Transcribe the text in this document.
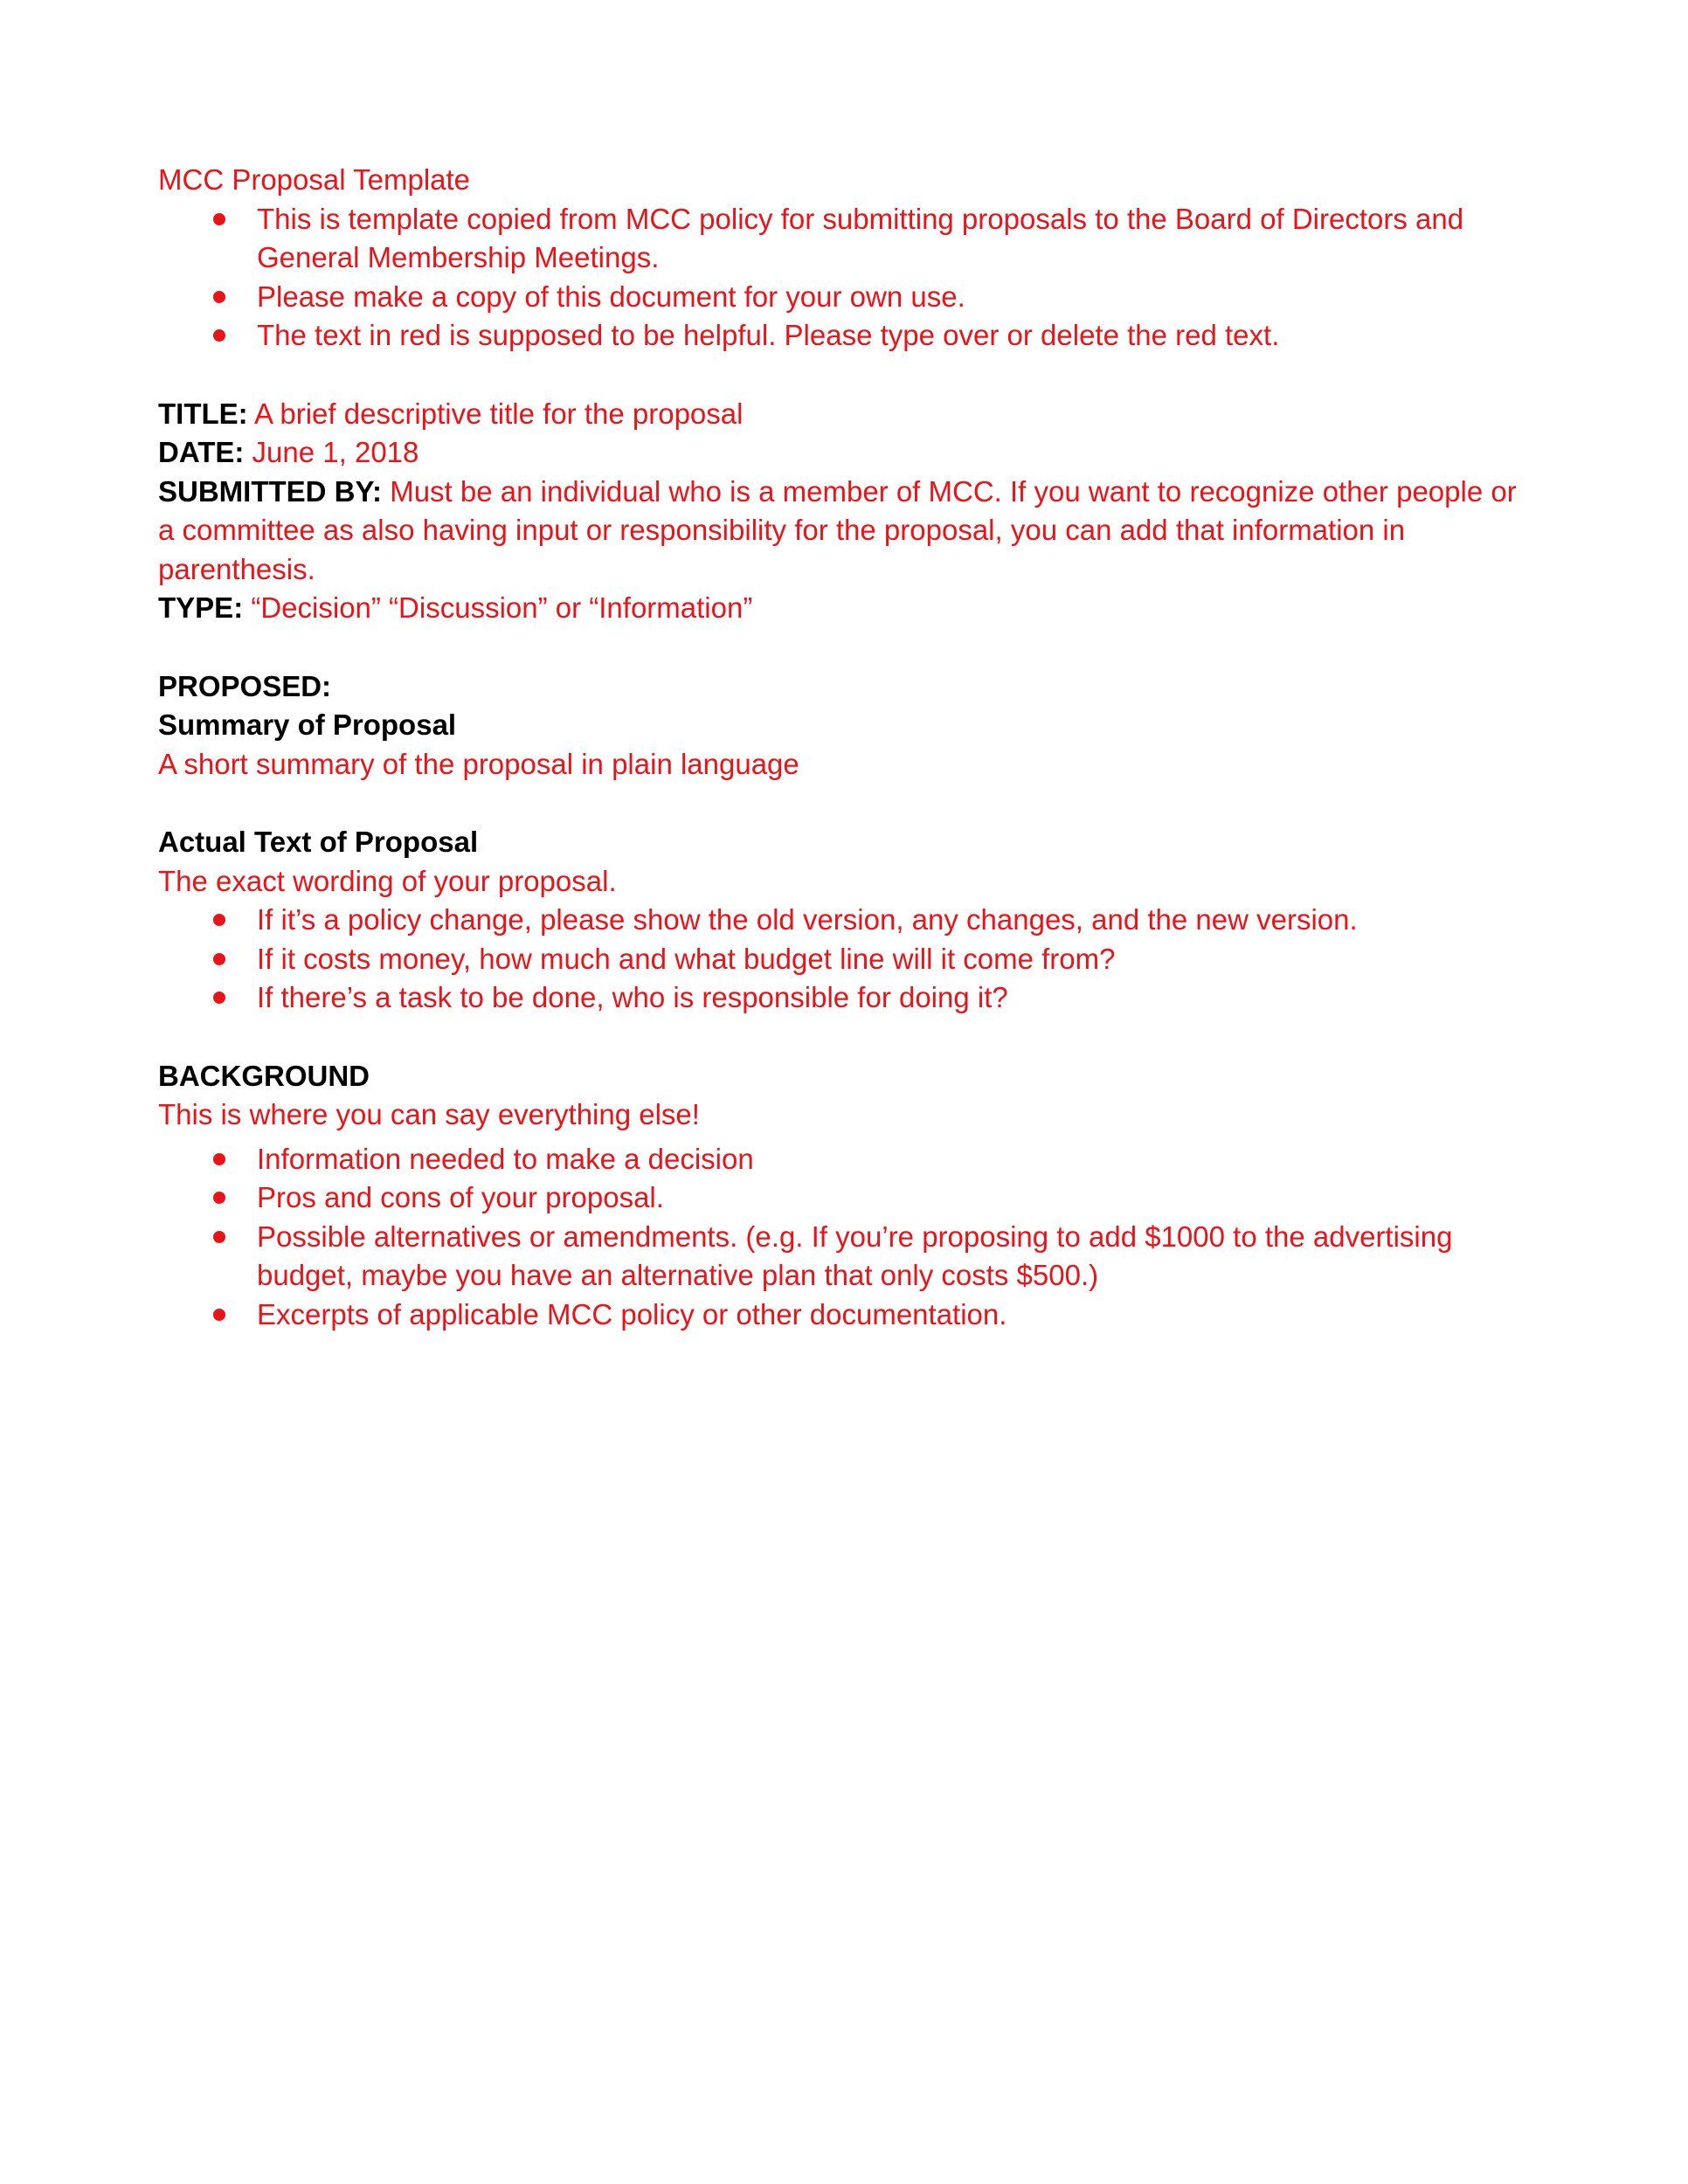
MCC Proposal Template

This is template copied from MCC policy for submitting proposals to the Board of Directors and General Membership Meetings.
Please make a copy of this document for your own use.
The text in red is supposed to be helpful. Please type over or delete the red text.

TITLE: A brief descriptive title for the proposal

DATE: June 1, 2018

SUBMITTED BY: Must be an individual who is a member of MCC. If you want to recognize other people or a committee as also having input or responsibility for the proposal, you can add that information in parenthesis.

TYPE: “Decision” “Discussion” or “Information”

PROPOSED:

Summary of Proposal

A short summary of the proposal in plain language

Actual Text of Proposal

The exact wording of your proposal.

If it’s a policy change, please show the old version, any changes, and the new version.
If it costs money, how much and what budget line will it come from?
If there’s a task to be done, who is responsible for doing it?

BACKGROUND

This is where you can say everything else!

Information needed to make a decision
Pros and cons of your proposal.
Possible alternatives or amendments. (e.g. If you’re proposing to add $1000 to the advertising budget, maybe you have an alternative plan that only costs $500.)
Excerpts of applicable MCC policy or other documentation.
